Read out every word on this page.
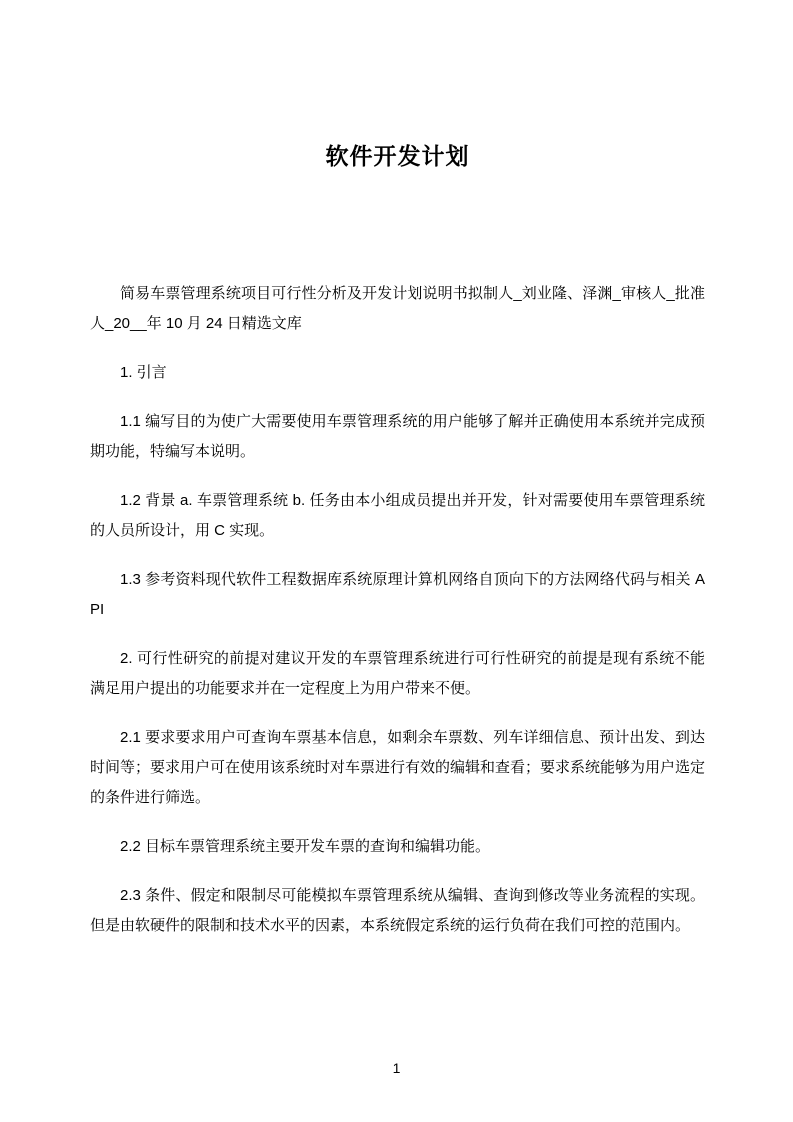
软件开发计划

简易车票管理系统项目可行性分析及开发计划说明书拟制人_刘业隆、泽渊_审核人_批准人_20__年 10 月 24 日精选文库

1. 引言

1.1 编写目的为使广大需要使用车票管理系统的用户能够了解并正确使用本系统并完成预期功能，特编写本说明。

1.2 背景 a. 车票管理系统 b. 任务由本小组成员提出并开发，针对需要使用车票管理系统的人员所设计，用 C 实现。

1.3 参考资料现代软件工程数据库系统原理计算机网络自顶向下的方法网络代码与相关 API

2. 可行性研究的前提对建议开发的车票管理系统进行可行性研究的前提是现有系统不能满足用户提出的功能要求并在一定程度上为用户带来不便。

2.1 要求要求用户可查询车票基本信息，如剩余车票数、列车详细信息、预计出发、到达时间等；要求用户可在使用该系统时对车票进行有效的编辑和查看；要求系统能够为用户选定的条件进行筛选。

2.2 目标车票管理系统主要开发车票的查询和编辑功能。

2.3 条件、假定和限制尽可能模拟车票管理系统从编辑、查询到修改等业务流程的实现。但是由软硬件的限制和技术水平的因素，本系统假定系统的运行负荷在我们可控的范围内。

1
